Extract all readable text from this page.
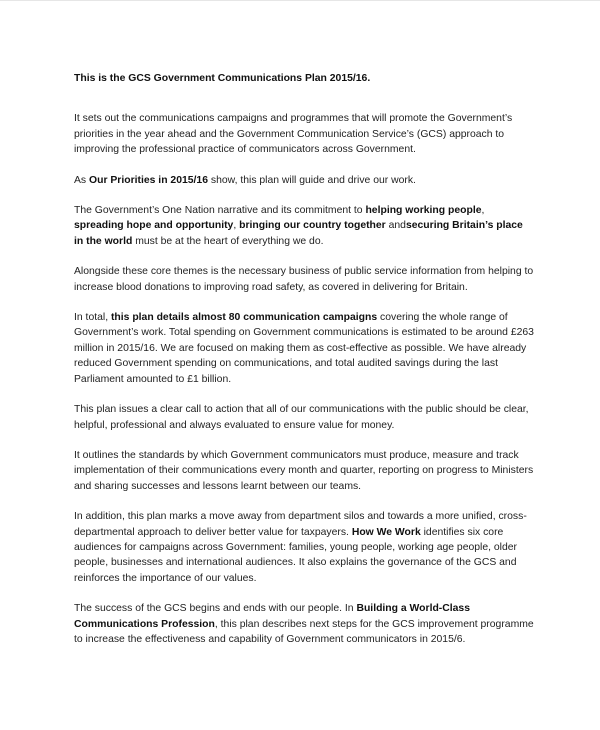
This is the GCS Government Communications Plan 2015/16.

It sets out the communications campaigns and programmes that will promote the Government’s priorities in the year ahead and the Government Communication Service’s (GCS) approach to improving the professional practice of communicators across Government.

As Our Priorities in 2015/16 show, this plan will guide and drive our work.

The Government’s One Nation narrative and its commitment to helping working people, spreading hope and opportunity, bringing our country together andsecuring Britain’s place in the world must be at the heart of everything we do.

Alongside these core themes is the necessary business of public service information from helping to increase blood donations to improving road safety, as covered in delivering for Britain.

In total, this plan details almost 80 communication campaigns covering the whole range of Government’s work. Total spending on Government communications is estimated to be around £263 million in 2015/16. We are focused on making them as cost-effective as possible. We have already reduced Government spending on communications, and total audited savings during the last Parliament amounted to £1 billion.

This plan issues a clear call to action that all of our communications with the public should be clear, helpful, professional and always evaluated to ensure value for money.

It outlines the standards by which Government communicators must produce, measure and track implementation of their communications every month and quarter, reporting on progress to Ministers and sharing successes and lessons learnt between our teams.

In addition, this plan marks a move away from department silos and towards a more unified, cross-departmental approach to deliver better value for taxpayers. How We Work identifies six core audiences for campaigns across Government: families, young people, working age people, older people, businesses and international audiences. It also explains the governance of the GCS and reinforces the importance of our values.

The success of the GCS begins and ends with our people. In Building a World-Class Communications Profession, this plan describes next steps for the GCS improvement programme to increase the effectiveness and capability of Government communicators in 2015/6.
